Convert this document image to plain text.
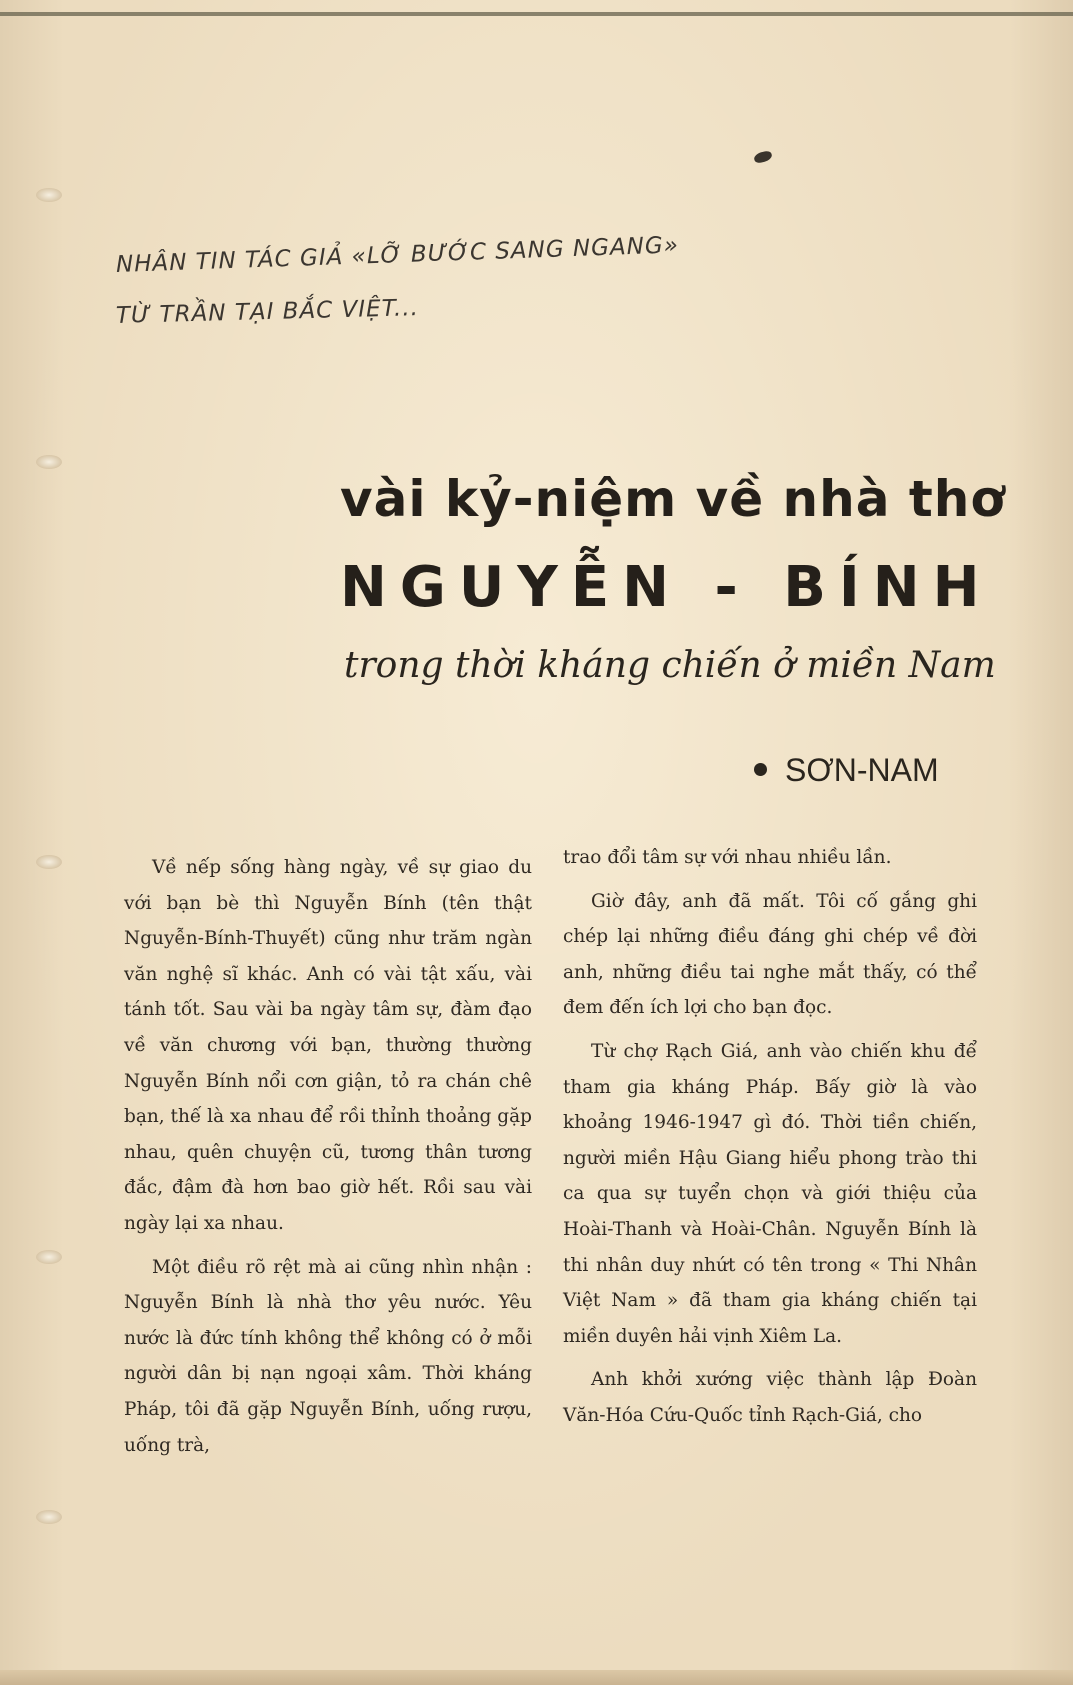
NHÂN TIN TÁC GIẢ «LỠ BƯỚC SANG NGANG»
TỪ TRẦN TẠI BẮC VIỆT...
vài kỷ-niệm về nhà thơ
NGUYỄN - BÍNH
trong thời kháng chiến ở miền Nam
SƠN-NAM

Về nếp sống hàng ngày, về sự giao du với bạn bè thì Nguyễn Bính (tên thật Nguyễn-Bính-Thuyết) cũng như trăm ngàn văn nghệ sĩ khác. Anh có vài tật xấu, vài tánh tốt. Sau vài ba ngày tâm sự, đàm đạo về văn chương với bạn, thường thường Nguyễn Bính nổi cơn giận, tỏ ra chán chê bạn, thế là xa nhau để rồi thỉnh thoảng gặp nhau, quên chuyện cũ, tương thân tương đắc, đậm đà hơn bao giờ hết. Rồi sau vài ngày lại xa nhau.

Một điều rõ rệt mà ai cũng nhìn nhận : Nguyễn Bính là nhà thơ yêu nước. Yêu nước là đức tính không thể không có ở mỗi người dân bị nạn ngoại xâm. Thời kháng Pháp, tôi đã gặp Nguyễn Bính, uống rượu, uống trà,

trao đổi tâm sự với nhau nhiều lần.

Giờ đây, anh đã mất. Tôi cố gắng ghi chép lại những điều đáng ghi chép về đời anh, những điều tai nghe mắt thấy, có thể đem đến ích lợi cho bạn đọc.

Từ chợ Rạch Giá, anh vào chiến khu để tham gia kháng Pháp. Bấy giờ là vào khoảng 1946-1947 gì đó. Thời tiền chiến, người miền Hậu Giang hiểu phong trào thi ca qua sự tuyển chọn và giới thiệu của Hoài-Thanh và Hoài-Chân. Nguyễn Bính là thi nhân duy nhứt có tên trong « Thi Nhân Việt Nam » đã tham gia kháng chiến tại miền duyên hải vịnh Xiêm La.

Anh khởi xướng việc thành lập Đoàn Văn-Hóa Cứu-Quốc tỉnh Rạch-Giá, cho
